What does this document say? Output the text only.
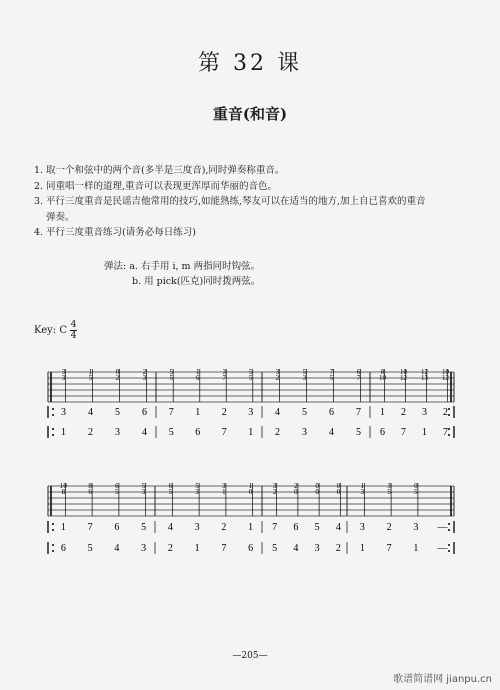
第 32 课
重音(和音)
1. 取一个和弦中的两个音(多半是三度音),同时弹奏称重音。
2. 同重唱一样的道理,重音可以表现更浑厚而华丽的音色。
3. 平行三度重音是民谣吉他常用的技巧,如能熟练,琴友可以在适当的地方,加上自已喜欢的重音
弹奏。
4. 平行三度重音练习(请务必每日练习)
弹法: a. 右手用 i, m 两指同时钩弦。
b. 用 pick(匹克)同时拨两弦。
Key: C $\frac{4}{4}$
3
3
3
1
1
5
4
2
0
2
5
3
2
3
6
4
5
5
7
5
1
6
1
6
3
7
2
7
5
5
3
1
3
2
4
2
5
3
5
3
7
5
6
4
6
7
7
5
8
10
1
6
10
12
2
7
12
13
3
1
10
12
2
7
10
8
1
6
8
6
7
5
6
5
6
4
5
3
5
3
6
5
4
2
5
3
3
1
3
1
2
7
1
0
1
6
3
2
7
5
2
0
6
4
0
0
5
3
0
0
4
2
1
3
3
1
3
5
2
7
0
5
3
1
—
—
—205—
歌谱简谱网 jianpu.cn
